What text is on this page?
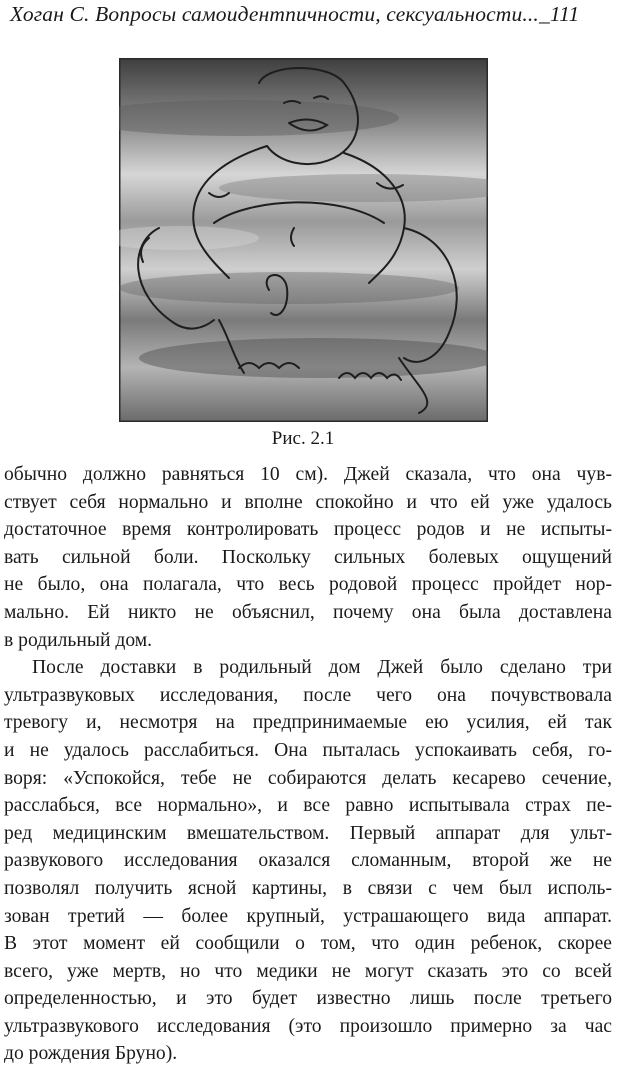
Хоган С. Вопросы самоидентпичности, сексуальности..._111
Рис. 2.1
обычно должно равняться 10 см). Джей сказала, что она чув-
ствует себя нормально и вполне спокойно и что ей уже удалось
достаточное время контролировать процесс родов и не испыты-
вать сильной боли. Поскольку сильных болевых ощущений
не было, она полагала, что весь родовой процесс пройдет нор-
мально. Ей никто не объяснил, почему она была доставлена
в родильный дом.
После доставки в родильный дом Джей было сделано три
ультразвуковых исследования, после чего она почувствовала
тревогу и, несмотря на предпринимаемые ею усилия, ей так
и не удалось расслабиться. Она пыталась успокаивать себя, го-
воря: «Успокойся, тебе не собираются делать кесарево сечение,
расслабься, все нормально», и все равно испытывала страх пе-
ред медицинским вмешательством. Первый аппарат для ульт-
развукового исследования оказался сломанным, второй же не
позволял получить ясной картины, в связи с чем был исполь-
зован третий — более крупный, устрашающего вида аппарат.
В этот момент ей сообщили о том, что один ребенок, скорее
всего, уже мертв, но что медики не могут сказать это со всей
определенностью, и это будет известно лишь после третьего
ультразвукового исследования (это произошло примерно за час
до рождения Бруно).
